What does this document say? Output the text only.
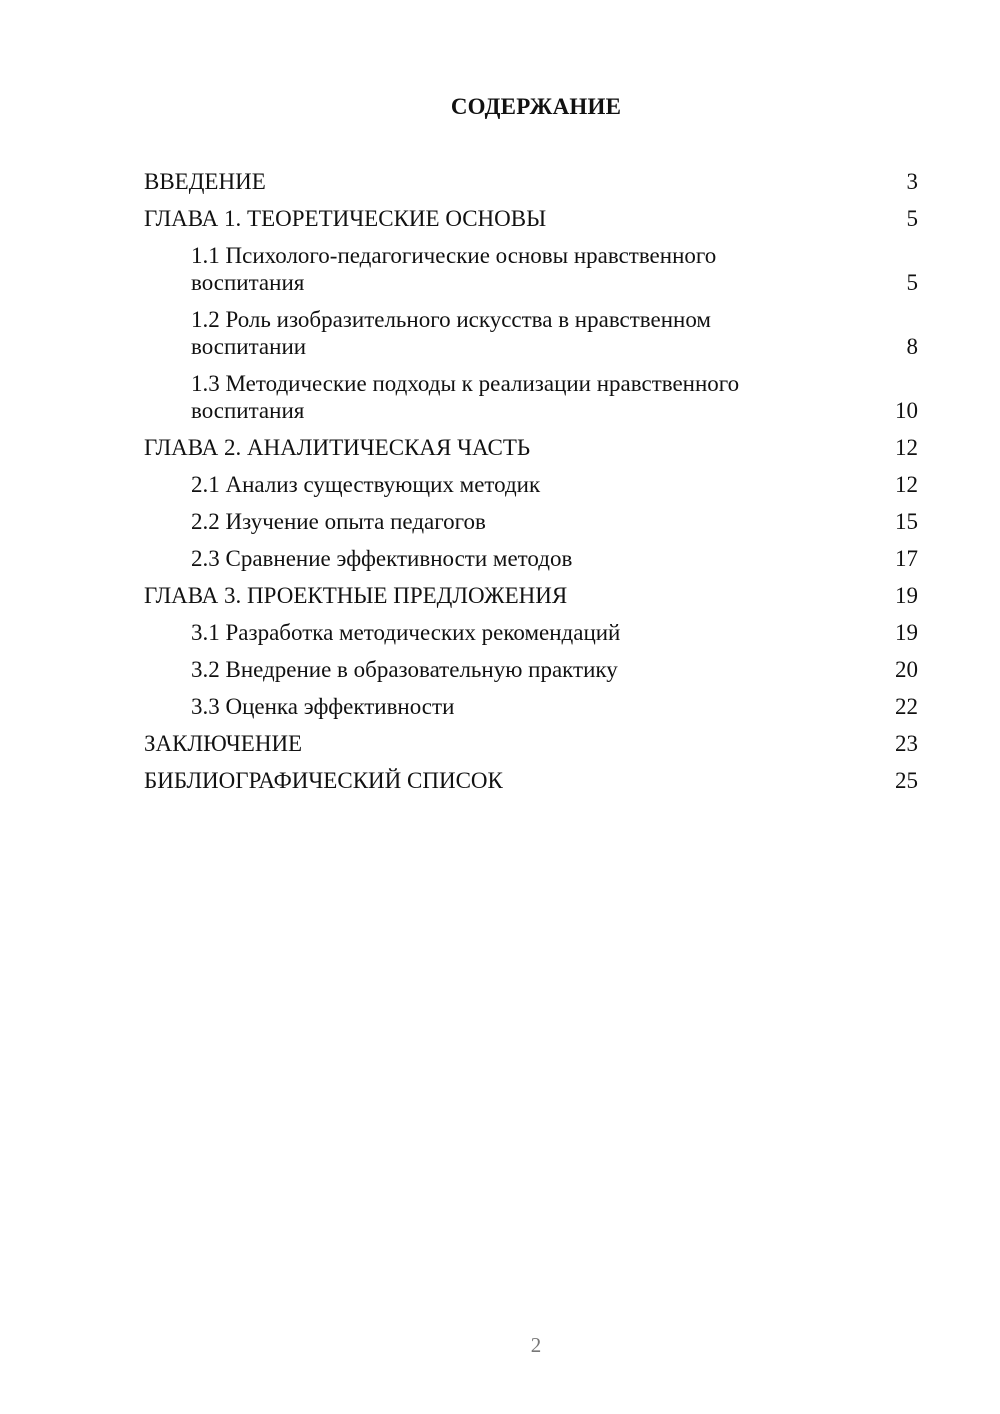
СОДЕРЖАНИЕ
ВВЕДЕНИЕ	3
ГЛАВА 1. ТЕОРЕТИЧЕСКИЕ ОСНОВЫ	5
1.1 Психолого-педагогические основы нравственного воспитания	5
1.2 Роль изобразительного искусства в нравственном воспитании	8
1.3 Методические подходы к реализации нравственного воспитания	10
ГЛАВА 2. АНАЛИТИЧЕСКАЯ ЧАСТЬ	12
2.1 Анализ существующих методик	12
2.2 Изучение опыта педагогов	15
2.3 Сравнение эффективности методов	17
ГЛАВА 3. ПРОЕКТНЫЕ ПРЕДЛОЖЕНИЯ	19
3.1 Разработка методических рекомендаций	19
3.2 Внедрение в образовательную практику	20
3.3 Оценка эффективности	22
ЗАКЛЮЧЕНИЕ	23
БИБЛИОГРАФИЧЕСКИЙ СПИСОК	25
2
